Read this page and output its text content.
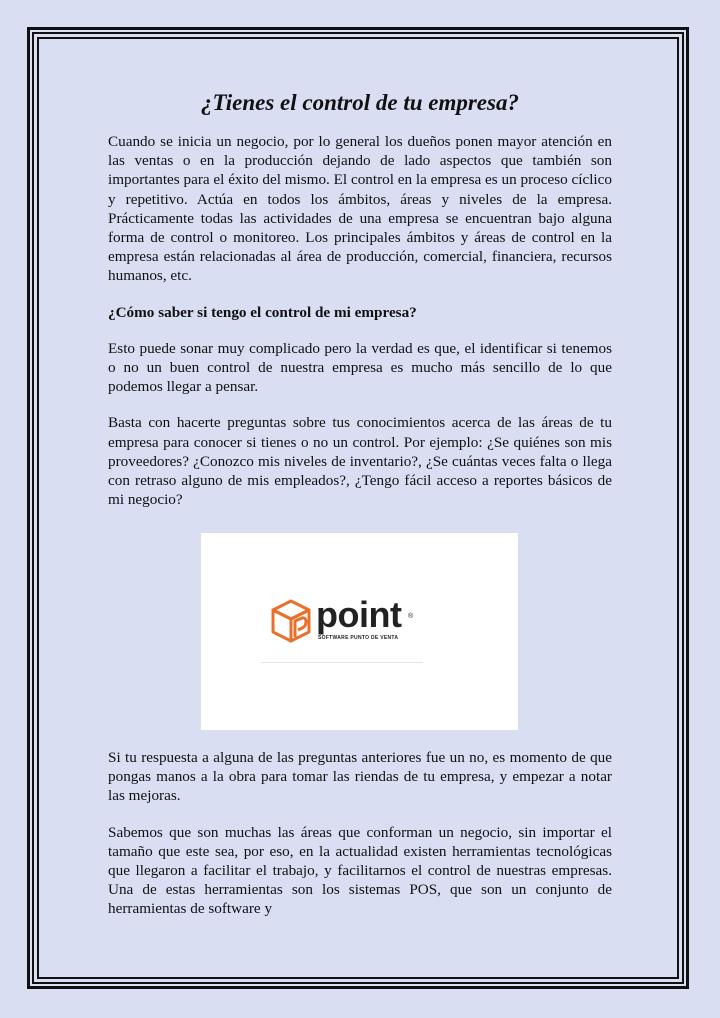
¿Tienes el control de tu empresa?

Cuando se inicia un negocio, por lo general los dueños ponen mayor atención en las ventas o en la producción dejando de lado aspectos que también son importantes para el éxito del mismo. El control en la empresa es un proceso cíclico y repetitivo. Actúa en todos los ámbitos, áreas y niveles de la empresa. Prácticamente todas las actividades de una empresa se encuentran bajo alguna forma de control o monitoreo. Los principales ámbitos y áreas de control en la empresa están relacionadas al área de producción, comercial, financiera, recursos humanos, etc.

¿Cómo saber si tengo el control de mi empresa?

Esto puede sonar muy complicado pero la verdad es que, el identificar si tenemos o no un buen control de nuestra empresa es mucho más sencillo de lo que podemos llegar a pensar.

Basta con hacerte preguntas sobre tus conocimientos acerca de las áreas de tu empresa para conocer si tienes o no un control. Por ejemplo: ¿Se quiénes son mis proveedores? ¿Conozco mis niveles de inventario?, ¿Se cuántas veces falta o llega con retraso alguno de mis empleados?, ¿Tengo fácil acceso a reportes básicos de mi negocio?

point ®
SOFTWARE PUNTO DE VENTA

Si tu respuesta a alguna de las preguntas anteriores fue un no, es momento de que pongas manos a la obra para tomar las riendas de tu empresa, y empezar a notar las mejoras.

Sabemos que son muchas las áreas que conforman un negocio, sin importar el tamaño que este sea, por eso, en la actualidad existen herramientas tecnológicas que llegaron a facilitar el trabajo, y facilitarnos el control de nuestras empresas. Una de estas herramientas son los sistemas POS, que son un conjunto de herramientas de software y
